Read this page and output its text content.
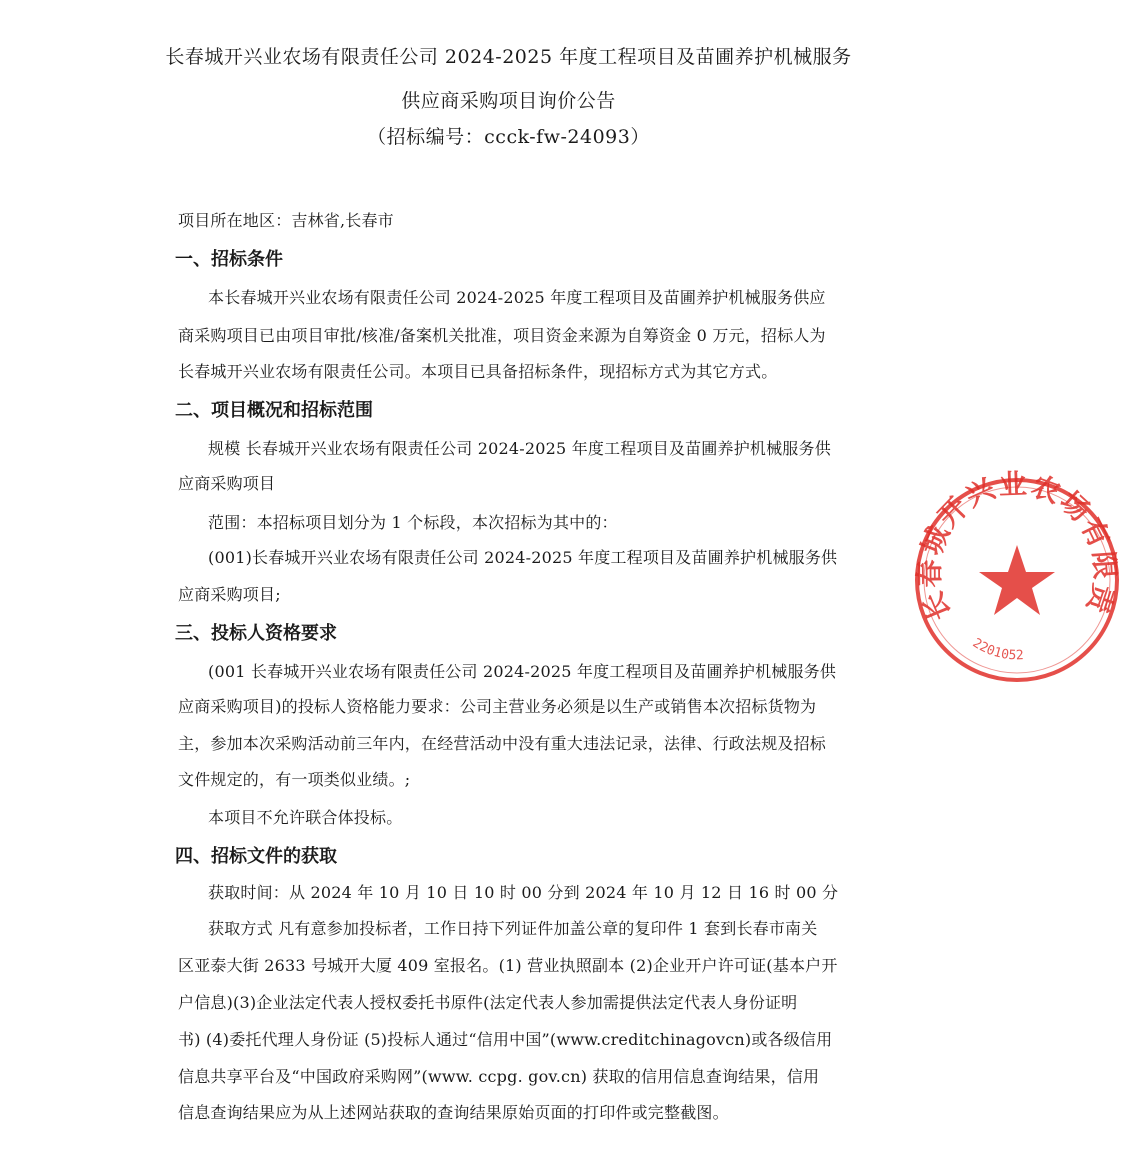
长春城开兴业农场有限责任公司 2024-2025 年度工程项目及苗圃养护机械服务
供应商采购项目询价公告
（招标编号：ccck-fw-24093）
项目所在地区：吉林省,长春市
一、招标条件
本长春城开兴业农场有限责任公司 2024-2025 年度工程项目及苗圃养护机械服务供应
商采购项目已由项目审批/核准/备案机关批准，项目资金来源为自筹资金 0 万元，招标人为
长春城开兴业农场有限责任公司。本项目已具备招标条件，现招标方式为其它方式。
二、项目概况和招标范围
规模 长春城开兴业农场有限责任公司 2024-2025 年度工程项目及苗圃养护机械服务供
应商采购项目
范围：本招标项目划分为 1 个标段，本次招标为其中的：
(001)长春城开兴业农场有限责任公司 2024-2025 年度工程项目及苗圃养护机械服务供
应商采购项目;
三、投标人资格要求
(001 长春城开兴业农场有限责任公司 2024-2025 年度工程项目及苗圃养护机械服务供
应商采购项目)的投标人资格能力要求：公司主营业务必须是以生产或销售本次招标货物为
主，参加本次采购活动前三年内，在经营活动中没有重大违法记录，法律、行政法规及招标
文件规定的，有一项类似业绩。;
本项目不允许联合体投标。
四、招标文件的获取
获取时间：从 2024 年 10 月 10 日 10 时 00 分到 2024 年 10 月 12 日 16 时 00 分
获取方式 凡有意参加投标者，工作日持下列证件加盖公章的复印件 1 套到长春市南关
区亚泰大街 2633 号城开大厦 409 室报名。(1) 营业执照副本 (2)企业开户许可证(基本户开
户信息)(3)企业法定代表人授权委托书原件(法定代表人参加需提供法定代表人身份证明
书) (4)委托代理人身份证 (5)投标人通过“信用中国”(www.creditchinagovcn)或各级信用
信息共享平台及“中国政府采购网”(www. ccpg. gov.cn) 获取的信用信息查询结果，信用
信息查询结果应为从上述网站获取的查询结果原始页面的打印件或完整截图。
长春城开兴业农场有限责任公司
2201052
